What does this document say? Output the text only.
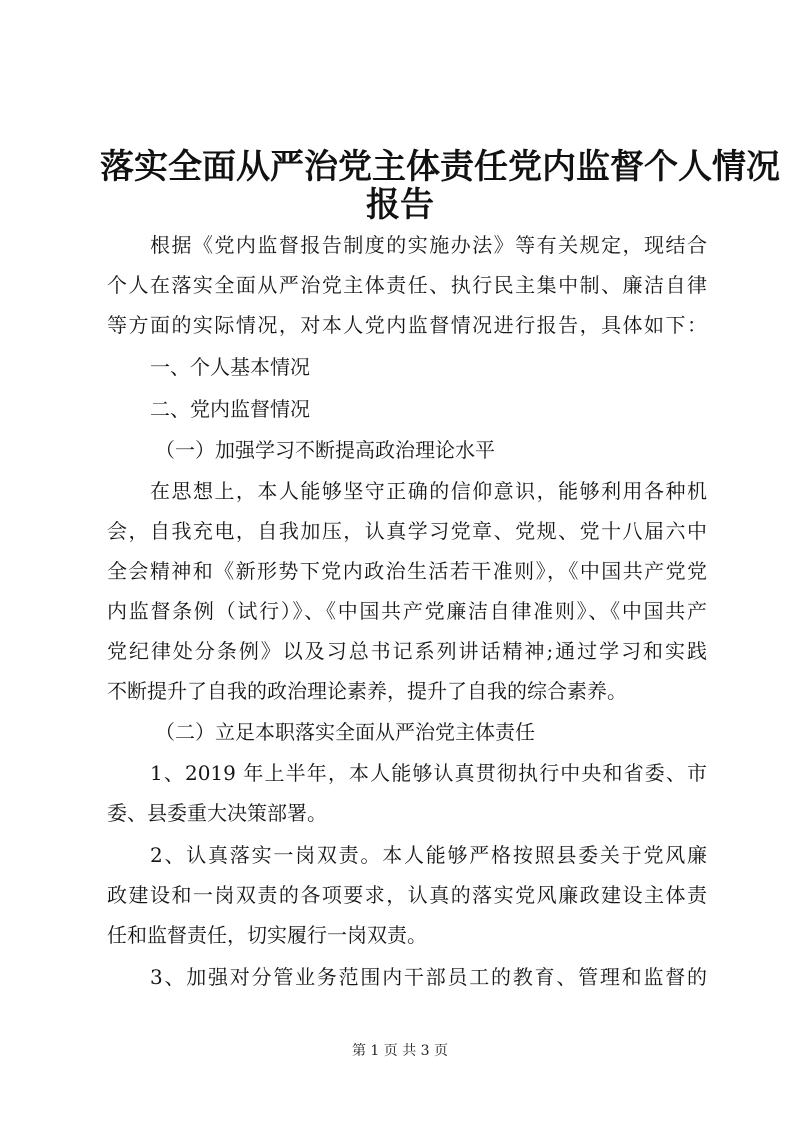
落实全面从严治党主体责任党内监督个人情况
报告
根据《党内监督报告制度的实施办法》等有关规定，现结合
个人在落实全面从严治党主体责任、执行民主集中制、廉洁自律
等方面的实际情况，对本人党内监督情况进行报告，具体如下：
一、个人基本情况
二、党内监督情况
（一）加强学习不断提高政治理论水平
在思想上，本人能够坚守正确的信仰意识，能够利用各种机
会，自我充电，自我加压，认真学习党章、党规、党十八届六中
全会精神和《新形势下党内政治生活若干准则》，《中国共产党党
内监督条例（试行）》、《中国共产党廉洁自律准则》、《中国共产
党纪律处分条例》以及习总书记系列讲话精神;通过学习和实践
不断提升了自我的政治理论素养，提升了自我的综合素养。
（二）立足本职落实全面从严治党主体责任
1、2019 年上半年，本人能够认真贯彻执行中央和省委、市
委、县委重大决策部署。
2、认真落实一岗双责。本人能够严格按照县委关于党风廉
政建设和一岗双责的各项要求，认真的落实党风廉政建设主体责
任和监督责任，切实履行一岗双责。
3、加强对分管业务范围内干部员工的教育、管理和监督的
第 1 页 共 3 页
